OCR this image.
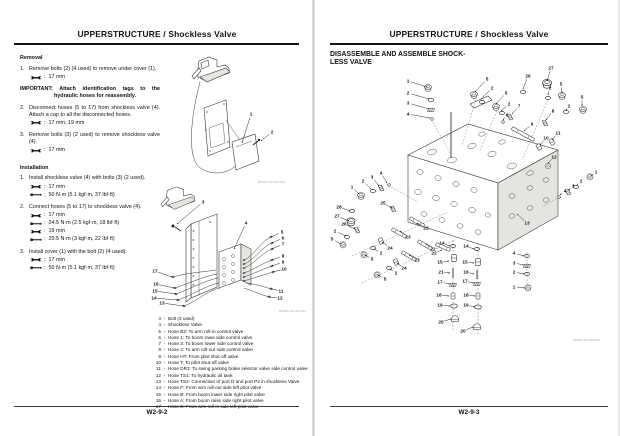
UPPERSTRUCTURE / Shockless Valve	UPPERSTRUCTURE / Shockless Valve
Removal
1. Remove bolts (2) (4 used) to remove under cover (1).
: 17 mm
IMPORTANT: Attach identification tags to the hydraulic hoses for reassembly.
2. Disconnect hoses (5 to 17) from shockless valve (4). Attach a cap to all the disconnected hoses.
: 17 mm, 19 mm
3. Remove bolts (3) (2 used) to remove shockless valve (4).
: 17 mm
Installation
1. Install shockless valve (4) with bolts (3) (2 used).
: 17 mm
: 50 N·m (5.1 kgf·m, 37 lbf·ft)
2. Connect hoses (5 to 17) to shockless valve (4).
: 17 mm
: 24.5 N·m (2.5 kgf·m, 18 lbf·ft)
: 19 mm
: 29.5 N·m (3 kgf·m, 22 lbf·ft)
3. Install cover (1) with the bolt (2) (4 used).
: 17 mm
: 50 N·m (5.1 kgf·m, 37 lbf·ft)
3 - Bolt (2 used)
4 - Shockless Valve
5 - Hose B2: To arm roll-in control valve
6 - Hose 1: To boom raise side control valve
7 - Hose 2: To boom lower side control valve
8 - Hose 3: To arm roll-out side control valve
9 - Hose HT: From pilot shut-off valve
10 - Hose T: To pilot shut-off valve
11 - Hose DR3: To swing parking brake selector valve side control valve
12 - Hose TS1: To hydraulic oil tank
13 - Hose TS2: Connection of port D and port P2 in shockless Valve
14 - Hose F: From arm roll-out side left pilot valve
15 - Hose B: From boom lower side right pilot valve
16 - Hose A: From boom raise side right pilot valve
17 - Hose E: From arm roll-in side left pilot valve
DISASSEMBLE AND ASSEMBLE SHOCK-
LESS VALVE
W1CD-02-09-004
1
2
W1CD-02-09-001
3
4
5
6
7
8
9
10
11
12
17
16
15
14
13
W1CD-02-09-002
1
2
3
4
5
2
5
2 7
6
26
27
2
5
2
5
8
9
10
11
12
1
2
3
4
13
1
2
3
4
28
27
26
2
5
25
22
23
24
2
5
22
23
24
2
5
14
22
15
21
17
18
19
20
14
15
16
17
18
19
20
4
3
2
1
W2-9-2	W2-9-3
